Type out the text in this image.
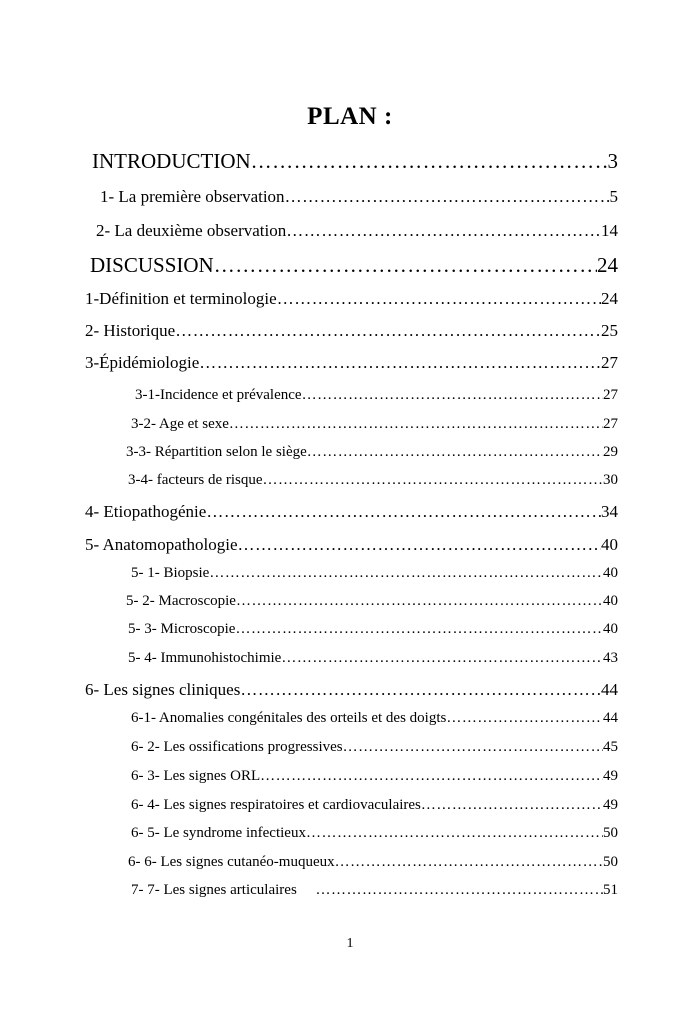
PLAN :
INTRODUCTION ……………………………………………………………………………………………………………………………………	3
1- La première observation ……………………………………………………………………………………………………………………………………	5
2- La deuxième observation ……………………………………………………………………………………………………………………………………	14
DISCUSSION ……………………………………………………………………………………………………………………………………	24
1-Définition et terminologie ……………………………………………………………………………………………………………………………………	24
2- Historique ……………………………………………………………………………………………………………………………………	25
3-Épidémiologie ……………………………………………………………………………………………………………………………………	27
3-1-Incidence et prévalence ……………………………………………………………………………………………………………………………………	27
3-2- Age et sexe ……………………………………………………………………………………………………………………………………	27
3-3- Répartition selon le siège ……………………………………………………………………………………………………………………………………	29
3-4- facteurs de risque ……………………………………………………………………………………………………………………………………	30
4- Etiopathogénie ……………………………………………………………………………………………………………………………………	34
5- Anatomopathologie ……………………………………………………………………………………………………………………………………	40
5- 1- Biopsie ……………………………………………………………………………………………………………………………………	40
5- 2- Macroscopie ……………………………………………………………………………………………………………………………………	40
5- 3- Microscopie ……………………………………………………………………………………………………………………………………	40
5- 4- Immunohistochimie ……………………………………………………………………………………………………………………………………	43
6- Les signes cliniques ……………………………………………………………………………………………………………………………………	44
6-1- Anomalies congénitales des orteils et des doigts ……………………………………………………………………………………………………………………………………	44
6- 2- Les ossifications progressives ……………………………………………………………………………………………………………………………………	45
6- 3- Les signes ORL ……………………………………………………………………………………………………………………………………	49
6- 4- Les signes respiratoires et cardiovaculaires ……………………………………………………………………………………………………………………………………	49
6- 5- Le syndrome infectieux ……………………………………………………………………………………………………………………………………	50
6- 6- Les signes cutanéo-muqueux ……………………………………………………………………………………………………………………………………	50
7- 7- Les signes articulaires ……………………………………………………………………………………………………………………………………	51
1
